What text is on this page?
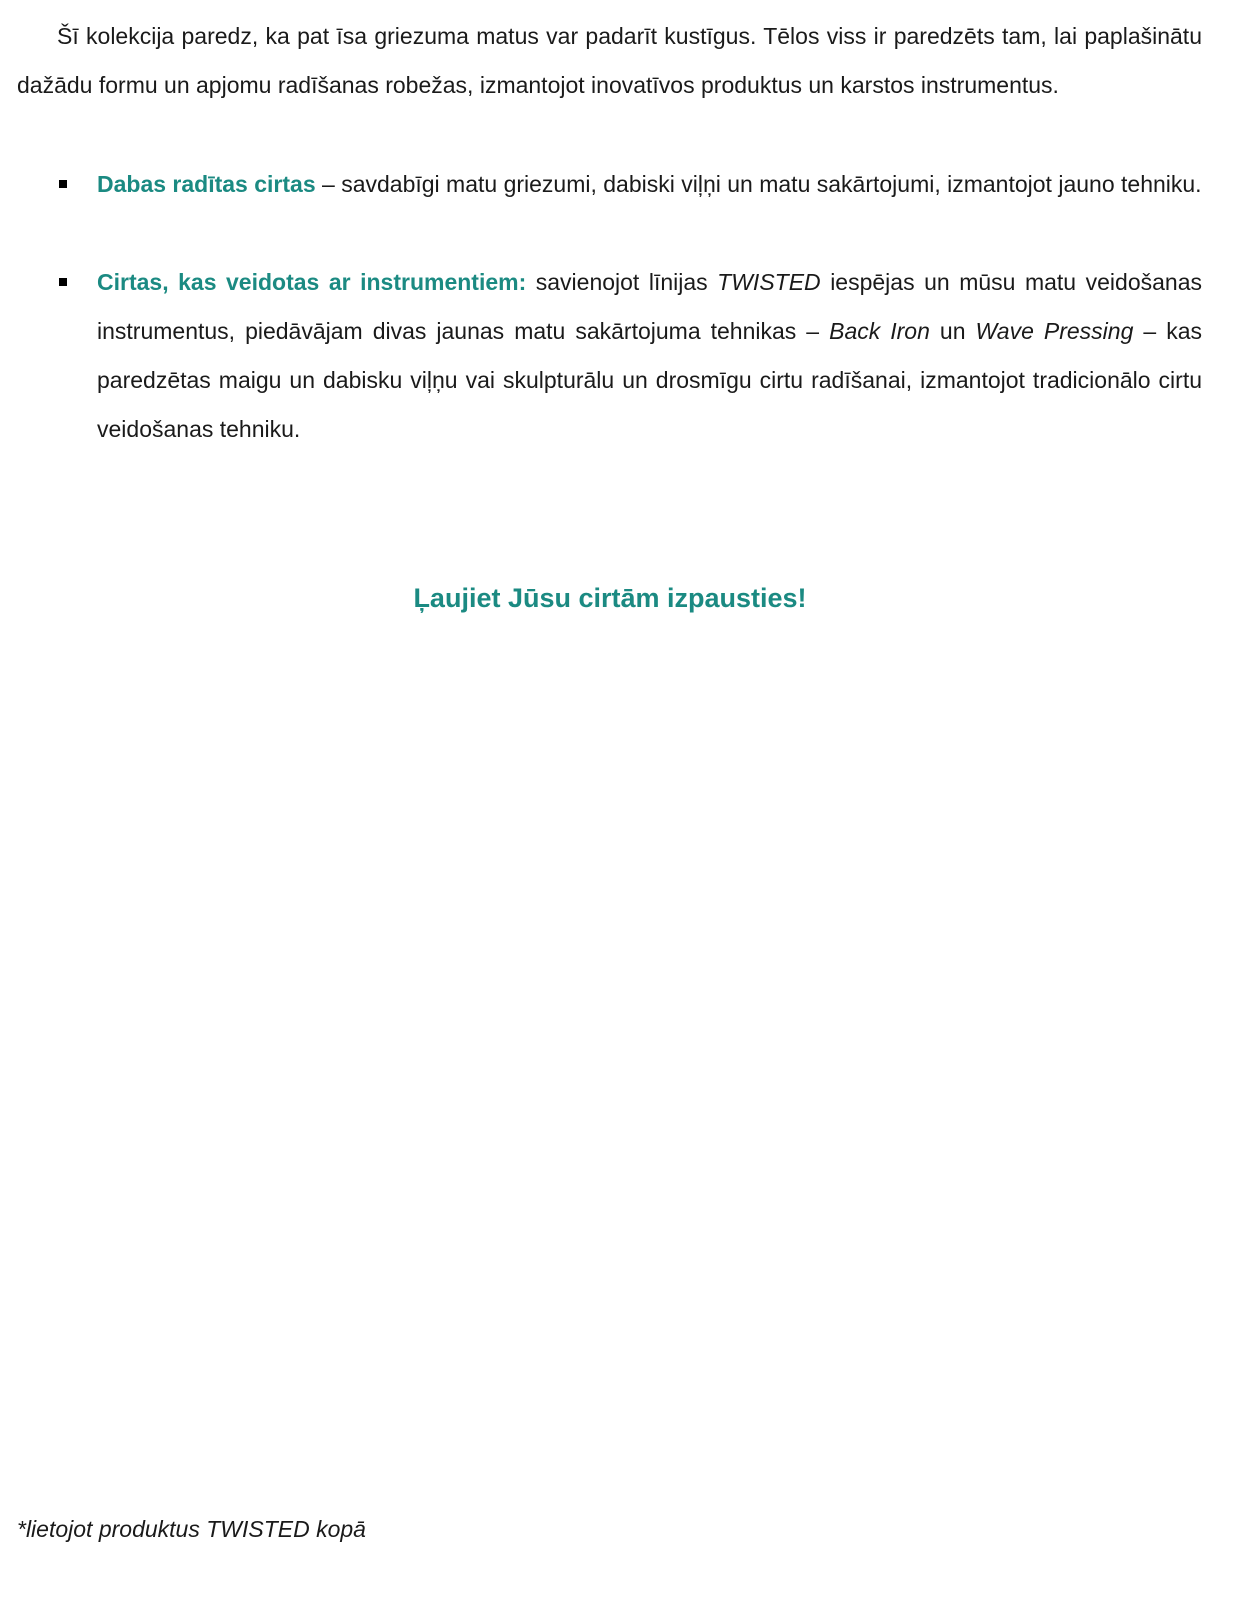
Šī kolekcija paredz, ka pat īsa griezuma matus var padarīt kustīgus. Tēlos viss ir paredzēts tam, lai paplašinātu dažādu formu un apjomu radīšanas robežas, izmantojot inovatīvos produktus un karstos instrumentus.

Dabas radītas cirtas – savdabīgi matu griezumi, dabiski viļņi un matu sakārtojumi, izmantojot jauno tehniku.
Cirtas, kas veidotas ar instrumentiem: savienojot līnijas TWISTED iespējas un mūsu matu veidošanas instrumentus, piedāvājam divas jaunas matu sakārtojuma tehnikas – Back Iron un Wave Pressing – kas paredzētas maigu un dabisku viļņu vai skulpturālu un drosmīgu cirtu radīšanai, izmantojot tradicionālo cirtu veidošanas tehniku.

Ļaujiet Jūsu cirtām izpausties!

*lietojot produktus TWISTED kopā
